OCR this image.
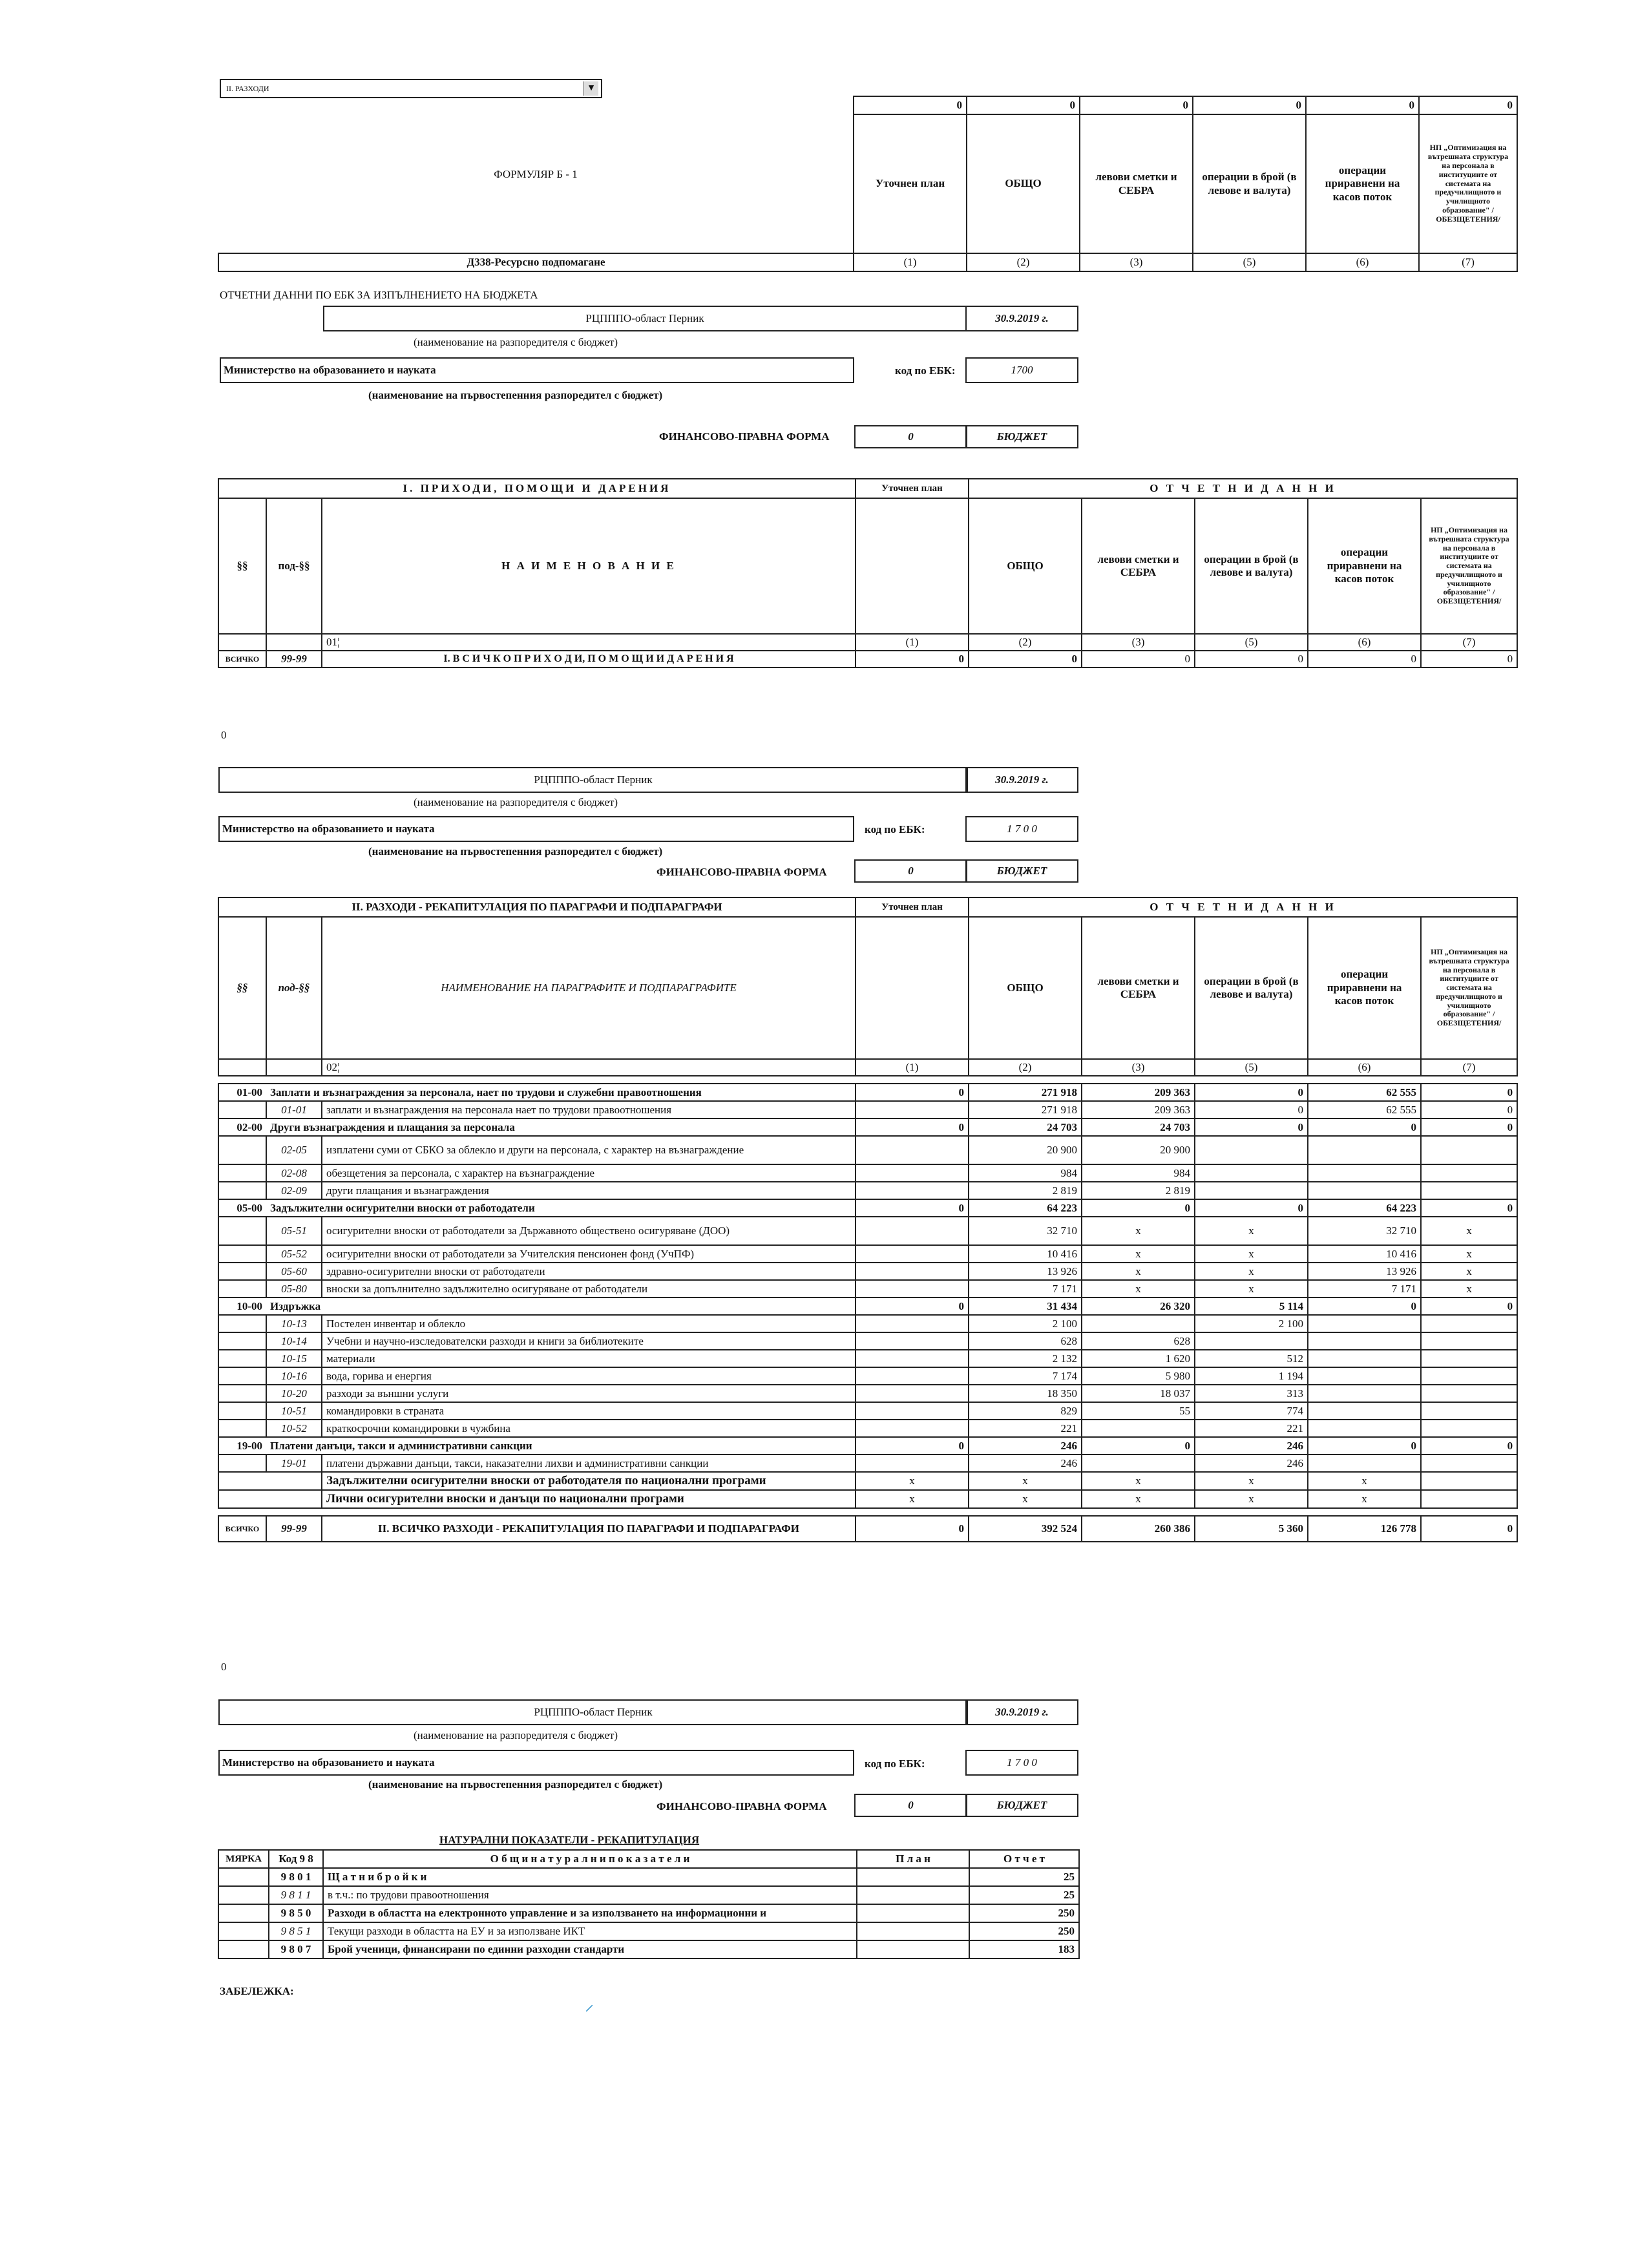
II. РАЗХОДИ	▼
ФОРМУЛЯР Б - 1	0	0	0	0	0	0
	Уточнен план	ОБЩО	левови сметки и СЕБРА	операции в брой (в левове и валута)	операции приравнени на касов поток	НП „Оптимизация на вътрешната структура на персонала в институциите от системата на предучилищното и училищното образование" /ОБЕЗЩЕТЕНИЯ/
Д338-Ресурсно подпомагане	(1)	(2)	(3)	(5)	(6)	(7)
ОТЧЕТНИ ДАННИ ПО ЕБК ЗА ИЗПЪЛНЕНИЕТО НА БЮДЖЕТА
РЦПППО-област Перник	30.9.2019 г.
(наименование на разпоредителя с бюджет)
Министерство на образованието и науката	код по ЕБК:	1700
(наименование на първостепенния разпоредител с бюджет)
ФИНАНСОВО-ПРАВНА ФОРМА	0	БЮДЖЕТ
I. ПРИХОДИ, ПОМОЩИ И ДАРЕНИЯ			Уточнен план	О Т Ч Е Т Н И Д А Н Н И				
§§	под-§§	Н А И М Е Н О В А Н И Е		ОБЩО	левови сметки и СЕБРА	операции в брой (в левове и валута)	операции приравнени на касов поток	НП „Оптимизация на вътрешната структура на персонала в институциите от системата на предучилищното и училищното образование" /ОБЕЗЩЕТЕНИЯ/
		01¦	(1)	(2)	(3)	(5)	(6)	(7)
ВСИЧКО	99-99	I. В С И Ч К О П Р И Х О Д И, П О М О Щ И И Д А Р Е Н И Я	0	0	0	0	0	0
0
РЦПППО-област Перник	30.9.2019 г.
(наименование на разпоредителя с бюджет)
Министерство на образованието и науката	код по ЕБК:	1 7 0 0
(наименование на първостепенния разпоредител с бюджет)
ФИНАНСОВО-ПРАВНА ФОРМА	0	БЮДЖЕТ
II. РАЗХОДИ - РЕКАПИТУЛАЦИЯ ПО ПАРАГРАФИ И ПОДПАРАГРАФИ			Уточнен план	О Т Ч Е Т Н И Д А Н Н И				
§§	под-§§	НАИМЕНОВАНИЕ НА ПАРАГРАФИТЕ И ПОДПАРАГРАФИТЕ		ОБЩО	левови сметки и СЕБРА	операции в брой (в левове и валута)	операции приравнени на касов поток	НП „Оптимизация на вътрешната структура на персонала в институциите от системата на предучилищното и училищното образование" /ОБЕЗЩЕТЕНИЯ/
		02¦	(1)	(2)	(3)	(5)	(6)	(7)

01-00	Заплати и възнаграждения за персонала, нает по трудови и служебни правоотношения		0	271 918	209 363	0	62 555	0
	01-01	заплати и възнаграждения на персонала нает по трудови правоотношения		271 918	209 363	0	62 555	0
02-00	Други възнаграждения и плащания за персонала		0	24 703	24 703	0	0	0
	02-05	изплатени суми от СБКО за облекло и други на персонала, с характер на възнаграждение		20 900	20 900			
	02-08	обезщетения за персонала, с характер на възнаграждение		984	984			
	02-09	други плащания и възнаграждения		2 819	2 819			
05-00	Задължителни осигурителни вноски от работодатели		0	64 223	0	0	64 223	0
	05-51	осигурителни вноски от работодатели за Държавното обществено осигуряване (ДОО)		32 710	x	x	32 710	x
	05-52	осигурителни вноски от работодатели за Учителския пенсионен фонд (УчПФ)		10 416	x	x	10 416	x
	05-60	здравно-осигурителни вноски от работодатели		13 926	x	x	13 926	x
	05-80	вноски за допълнително задължително осигуряване от работодатели		7 171	x	x	7 171	x
10-00	Издръжка		0	31 434	26 320	5 114	0	0
	10-13	Постелен инвентар и облекло		2 100		2 100		
	10-14	Учебни и научно-изследователски разходи и книги за библиотеките		628	628			
	10-15	материали		2 132	1 620	512		
	10-16	вода, горива и енергия		7 174	5 980	1 194		
	10-20	разходи за външни услуги		18 350	18 037	313		
	10-51	командировки в страната		829	55	774		
	10-52	краткосрочни командировки в чужбина		221		221		
19-00	Платени данъци, такси и административни санкции		0	246	0	246	0	0
	19-01	платени държавни данъци, такси, наказателни лихви и административни санкции		246		246		
		Задължителни осигурителни вноски от работодателя по национални програми	x	x	x	x	x	
		Лични осигурителни вноски и данъци по национални програми	x	x	x	x	x	

ВСИЧКО	99-99	II. ВСИЧКО РАЗХОДИ - РЕКАПИТУЛАЦИЯ ПО ПАРАГРАФИ И ПОДПАРАГРАФИ	0	392 524	260 386	5 360	126 778	0
0
РЦПППО-област Перник	30.9.2019 г.
(наименование на разпоредителя с бюджет)
Министерство на образованието и науката	код по ЕБК:	1 7 0 0
(наименование на първостепенния разпоредител с бюджет)
ФИНАНСОВО-ПРАВНА ФОРМА	0	БЮДЖЕТ
НАТУРАЛНИ ПОКАЗАТЕЛИ - РЕКАПИТУЛАЦИЯ
МЯРКА	Код 9 8	О б щ и н а т у р а л н и п о к а з а т е л и	П л а н	О т ч е т
	9 8 0 1	Щ а т н и б р о й к и		25
	9 8 1 1	в т.ч.: по трудови правоотношения		25
	9 8 5 0	Разходи в областта на електронното управление и за използването на информационни и		250
	9 8 5 1	Текущи разходи в областта на ЕУ и за използване ИКТ		250
	9 8 0 7	Брой ученици, финансирани по единни разходни стандарти		183
ЗАБЕЛЕЖКА:
⸝
